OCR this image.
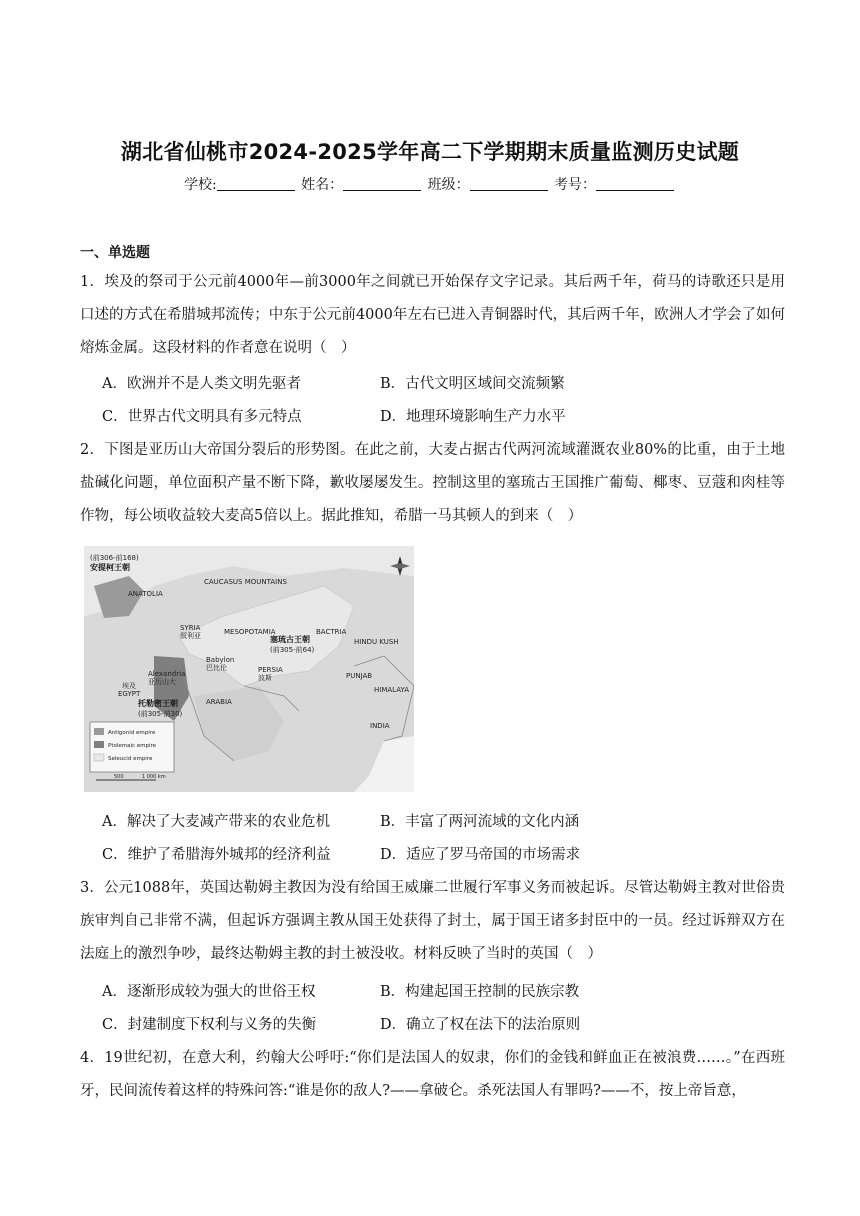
湖北省仙桃市2024-2025学年高二下学期期末质量监测历史试题
学校:	姓名：	班级：	考号：
一、单选题
1．埃及的祭司于公元前4000年—前3000年之间就已开始保存文字记录。其后两千年，荷马的诗歌还只是用口述的方式在希腊城邦流传；中东于公元前4000年左右已进入青铜器时代，其后两千年，欧洲人才学会了如何熔炼金属。这段材料的作者意在说明（　）
A．欧洲并不是人类文明先驱者	B．古代文明区域间交流频繁
C．世界古代文明具有多元特点	D．地理环境影响生产力水平
2．下图是亚历山大帝国分裂后的形势图。在此之前，大麦占据古代两河流域灌溉农业80%的比重，由于土地盐碱化问题，单位面积产量不断下降，歉收屡屡发生。控制这里的塞琉古王国推广葡萄、椰枣、豆蔻和肉桂等作物，每公顷收益较大麦高5倍以上。据此推知，希腊一马其顿人的到来（　）
(前306-前168)
安提柯王朝
ANATOLIA
CAUCASUS MOUNTAINS
SYRIA
叙利亚	MESOPOTAMIA
塞琉古王朝
(前305-前64)
BACTRIA
HINDU KUSH
Babylon
巴比伦	PERSIA
波斯
埃及
EGYPT
Alexandria
亚历山大
托勒密王朝
(前305-前30)
ARABIA
PUNJAB
HIMALAYA
INDIA
Antigonid empire
Ptolemaic empire
Seleucid empire
500	1 000 km
A．解决了大麦减产带来的农业危机	B．丰富了两河流域的文化内涵
C．维护了希腊海外城邦的经济利益	D．适应了罗马帝国的市场需求
3．公元1088年，英国达勒姆主教因为没有给国王威廉二世履行军事义务而被起诉。尽管达勒姆主教对世俗贵族审判自己非常不满，但起诉方强调主教从国王处获得了封土，属于国王诸多封臣中的一员。经过诉辩双方在法庭上的激烈争吵，最终达勒姆主教的封土被没收。材料反映了当时的英国（　）
A．逐渐形成较为强大的世俗王权	B．构建起国王控制的民族宗教
C．封建制度下权利与义务的失衡	D．确立了权在法下的法治原则
4．19世纪初，在意大利，约翰大公呼吁:“你们是法国人的奴隶，你们的金钱和鲜血正在被浪费……。”在西班牙，民间流传着这样的特殊问答:“谁是你的敌人?——拿破仑。杀死法国人有罪吗?——不，按上帝旨意，
